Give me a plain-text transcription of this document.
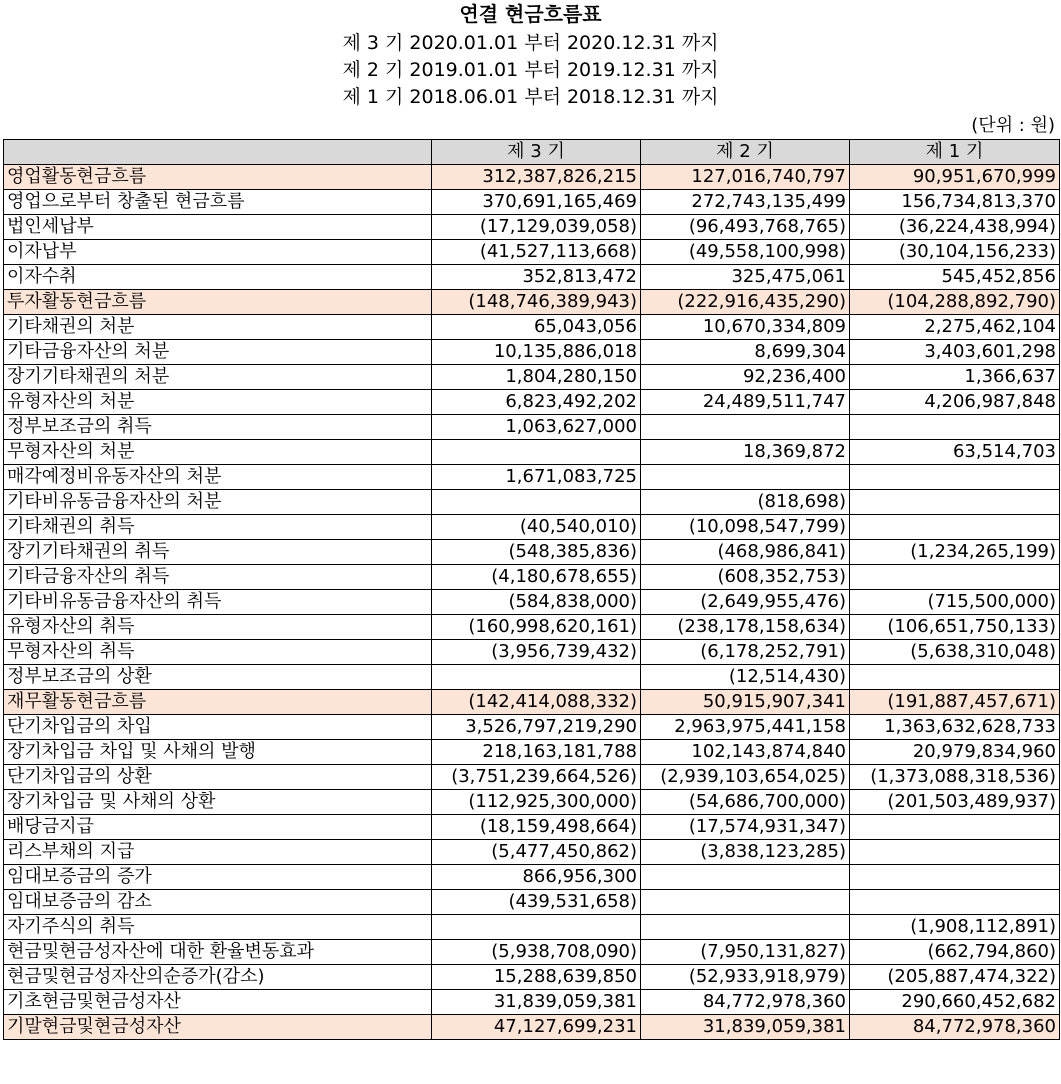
연결 현금흐름표
제 3 기 2020.01.01 부터 2020.12.31 까지
제 2 기 2019.01.01 부터 2019.12.31 까지
제 1 기 2018.06.01 부터 2018.12.31 까지
(단위 : 원)
	제 3 기	제 2 기	제 1 기
영업활동현금흐름	312,387,826,215	127,016,740,797	90,951,670,999
영업으로부터 창출된 현금흐름	370,691,165,469	272,743,135,499	156,734,813,370
법인세납부	(17,129,039,058)	(96,493,768,765)	(36,224,438,994)
이자납부	(41,527,113,668)	(49,558,100,998)	(30,104,156,233)
이자수취	352,813,472	325,475,061	545,452,856
투자활동현금흐름	(148,746,389,943)	(222,916,435,290)	(104,288,892,790)
기타채권의 처분	65,043,056	10,670,334,809	2,275,462,104
기타금융자산의 처분	10,135,886,018	8,699,304	3,403,601,298
장기기타채권의 처분	1,804,280,150	92,236,400	1,366,637
유형자산의 처분	6,823,492,202	24,489,511,747	4,206,987,848
정부보조금의 취득	1,063,627,000		
무형자산의 처분		18,369,872	63,514,703
매각예정비유동자산의 처분	1,671,083,725		
기타비유동금융자산의 처분		(818,698)	
기타채권의 취득	(40,540,010)	(10,098,547,799)	
장기기타채권의 취득	(548,385,836)	(468,986,841)	(1,234,265,199)
기타금융자산의 취득	(4,180,678,655)	(608,352,753)	
기타비유동금융자산의 취득	(584,838,000)	(2,649,955,476)	(715,500,000)
유형자산의 취득	(160,998,620,161)	(238,178,158,634)	(106,651,750,133)
무형자산의 취득	(3,956,739,432)	(6,178,252,791)	(5,638,310,048)
정부보조금의 상환		(12,514,430)	
재무활동현금흐름	(142,414,088,332)	50,915,907,341	(191,887,457,671)
단기차입금의 차입	3,526,797,219,290	2,963,975,441,158	1,363,632,628,733
장기차입금 차입 및 사채의 발행	218,163,181,788	102,143,874,840	20,979,834,960
단기차입금의 상환	(3,751,239,664,526)	(2,939,103,654,025)	(1,373,088,318,536)
장기차입금 및 사채의 상환	(112,925,300,000)	(54,686,700,000)	(201,503,489,937)
배당금지급	(18,159,498,664)	(17,574,931,347)	
리스부채의 지급	(5,477,450,862)	(3,838,123,285)	
임대보증금의 증가	866,956,300		
임대보증금의 감소	(439,531,658)		
자기주식의 취득			(1,908,112,891)
현금및현금성자산에 대한 환율변동효과	(5,938,708,090)	(7,950,131,827)	(662,794,860)
현금및현금성자산의순증가(감소)	15,288,639,850	(52,933,918,979)	(205,887,474,322)
기초현금및현금성자산	31,839,059,381	84,772,978,360	290,660,452,682
기말현금및현금성자산	47,127,699,231	31,839,059,381	84,772,978,360
